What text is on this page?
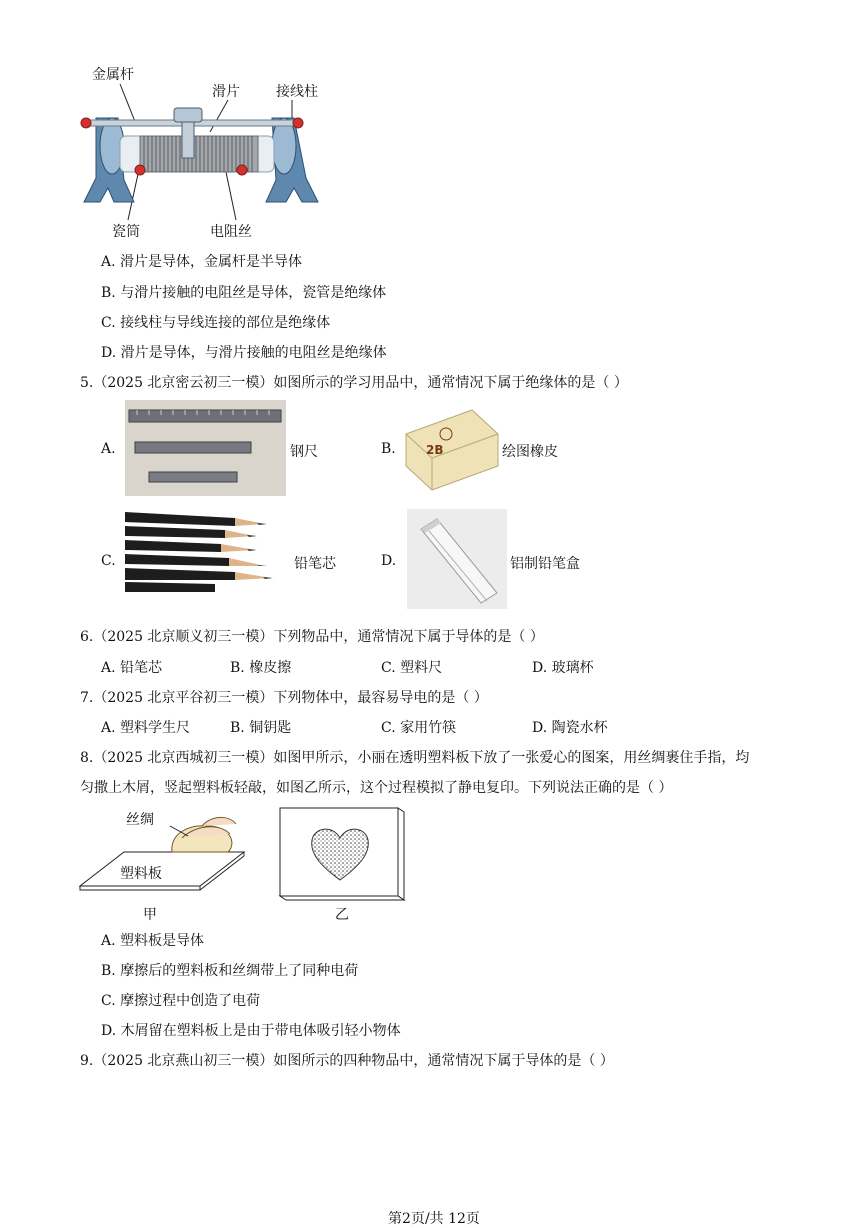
金属杆
滑片	接线柱
瓷筒	电阻丝
A. 滑片是导体，金属杆是半导体
B. 与滑片接触的电阻丝是导体，瓷管是绝缘体
C. 接线柱与导线连接的部位是绝缘体
D. 滑片是导体，与滑片接触的电阻丝是绝缘体
5.（2025 北京密云初三一模）如图所示的学习用品中，通常情况下属于绝缘体的是（ ）
A.	钢尺	B.	2B	绘图橡皮
C.	铅笔芯	D.	铝制铅笔盒
6.（2025 北京顺义初三一模）下列物品中，通常情况下属于导体的是（ ）
A. 铅笔芯	B. 橡皮擦	C. 塑料尺	D. 玻璃杯
7.（2025 北京平谷初三一模）下列物体中，最容易导电的是（ ）
A. 塑料学生尺	B. 铜钥匙	C. 家用竹筷	D. 陶瓷水杯
8.（2025 北京西城初三一模）如图甲所示，小丽在透明塑料板下放了一张爱心的图案，用丝绸裹住手指，均
匀撒上木屑，竖起塑料板轻敲，如图乙所示，这个过程模拟了静电复印。下列说法正确的是（ ）
丝绸
塑料板
甲	乙
A. 塑料板是导体
B. 摩擦后的塑料板和丝绸带上了同种电荷
C. 摩擦过程中创造了电荷
D. 木屑留在塑料板上是由于带电体吸引轻小物体
9.（2025 北京燕山初三一模）如图所示的四种物品中，通常情况下属于导体的是（ ）
第2页/共 12页
